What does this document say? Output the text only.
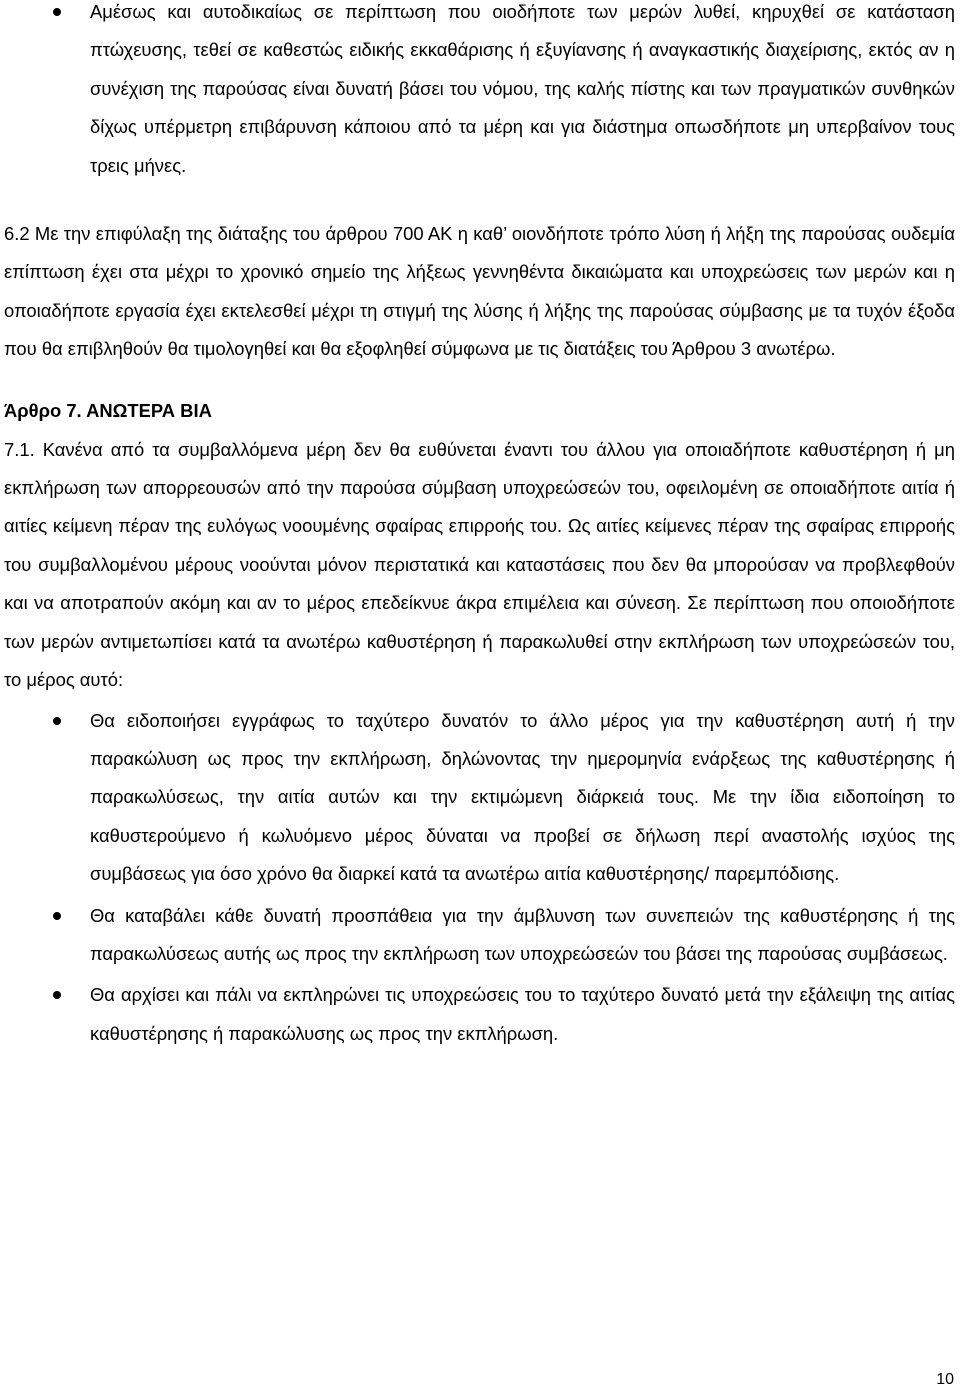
Αμέσως και αυτοδικαίως σε περίπτωση που οιοδήποτε των μερών λυθεί, κηρυχθεί σε κατάσταση πτώχευσης, τεθεί σε καθεστώς ειδικής εκκαθάρισης ή εξυγίανσης ή αναγκαστικής διαχείρισης, εκτός αν η συνέχιση της παρούσας είναι δυνατή βάσει του νόμου, της καλής πίστης και των πραγματικών συνθηκών δίχως υπέρμετρη επιβάρυνση κάποιου από τα μέρη και για διάστημα οπωσδήποτε μη υπερβαίνον τους τρεις μήνες.

6.2 Με την επιφύλαξη της διάταξης του άρθρου 700 ΑΚ η καθ’ οιονδήποτε τρόπο λύση ή λήξη της παρούσας ουδεμία επίπτωση έχει στα μέχρι το χρονικό σημείο της λήξεως γεννηθέντα δικαιώματα και υποχρεώσεις των μερών και η οποιαδήποτε εργασία έχει εκτελεσθεί μέχρι τη στιγμή της λύσης ή λήξης της παρούσας σύμβασης με τα τυχόν έξοδα που θα επιβληθούν θα τιμολογηθεί και θα εξοφληθεί σύμφωνα με τις διατάξεις του Άρθρου 3 ανωτέρω.

Άρθρο 7. ΑΝΩΤΕΡΑ ΒΙΑ

7.1. Κανένα από τα συμβαλλόμενα μέρη δεν θα ευθύνεται έναντι του άλλου για οποιαδήποτε καθυστέρηση ή μη εκπλήρωση των απορρεουσών από την παρούσα σύμβαση υποχρεώσεών του, οφειλομένη σε οποιαδήποτε αιτία ή αιτίες κείμενη πέραν της ευλόγως νοουμένης σφαίρας επιρροής του. Ως αιτίες κείμενες πέραν της σφαίρας επιρροής του συμβαλλομένου μέρους νοούνται μόνον περιστατικά και καταστάσεις που δεν θα μπορούσαν να προβλεφθούν και να αποτραπούν ακόμη και αν το μέρος επεδείκνυε άκρα επιμέλεια και σύνεση. Σε περίπτωση που οποιοδήποτε των μερών αντιμετωπίσει κατά τα ανωτέρω καθυστέρηση ή παρακωλυθεί στην εκπλήρωση των υποχρεώσεών του, το μέρος αυτό:

Θα ειδοποιήσει εγγράφως το ταχύτερο δυνατόν το άλλο μέρος για την καθυστέρηση αυτή ή την παρακώλυση ως προς την εκπλήρωση, δηλώνοντας την ημερομηνία ενάρξεως της καθυστέρησης ή παρακωλύσεως, την αιτία αυτών και την εκτιμώμενη διάρκειά τους. Με την ίδια ειδοποίηση το καθυστερούμενο ή κωλυόμενο μέρος δύναται να προβεί σε δήλωση περί αναστολής ισχύος της συμβάσεως για όσο χρόνο θα διαρκεί κατά τα ανωτέρω αιτία καθυστέρησης/ παρεμπόδισης.
Θα καταβάλει κάθε δυνατή προσπάθεια για την άμβλυνση των συνεπειών της καθυστέρησης ή της παρακωλύσεως αυτής ως προς την εκπλήρωση των υποχρεώσεών του βάσει της παρούσας συμβάσεως.
Θα αρχίσει και πάλι να εκπληρώνει τις υποχρεώσεις του το ταχύτερο δυνατό μετά την εξάλειψη της αιτίας καθυστέρησης ή παρακώλυσης ως προς την εκπλήρωση.
10
